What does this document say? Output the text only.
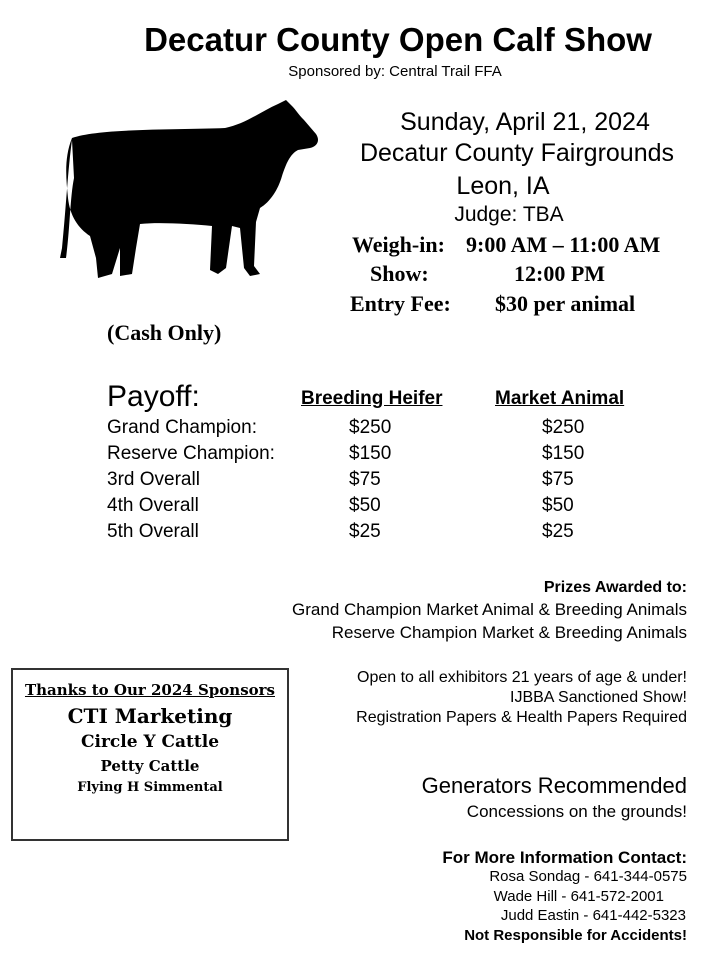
Decatur County Open Calf Show
Sponsored by: Central Trail FFA
Sunday, April 21, 2024
Decatur County Fairgrounds
Leon, IA
Judge: TBA
Weigh-in: 9:00 AM – 11:00 AM
Show:	12:00 PM
Entry Fee: $30 per animal
(Cash Only)
Payoff:	Breeding Heifer	Market Animal
Grand Champion:	$250	$250
Reserve Champion:	$150	$150
3rd Overall	$75	$75
4th Overall	$50	$50
5th Overall	$25	$25
Prizes Awarded to:
Grand Champion Market Animal & Breeding Animals
Reserve Champion Market & Breeding Animals
Open to all exhibitors 21 years of age & under!
IJBBA Sanctioned Show!
Registration Papers & Health Papers Required
Generators Recommended
Concessions on the grounds!
For More Information Contact:
Rosa Sondag - 641-344-0575
Wade Hill - 641-572-2001
Judd Eastin - 641-442-5323
Not Responsible for Accidents!
Thanks to Our 2024 Sponsors
CTI Marketing
Circle Y Cattle
Petty Cattle
Flying H Simmental
